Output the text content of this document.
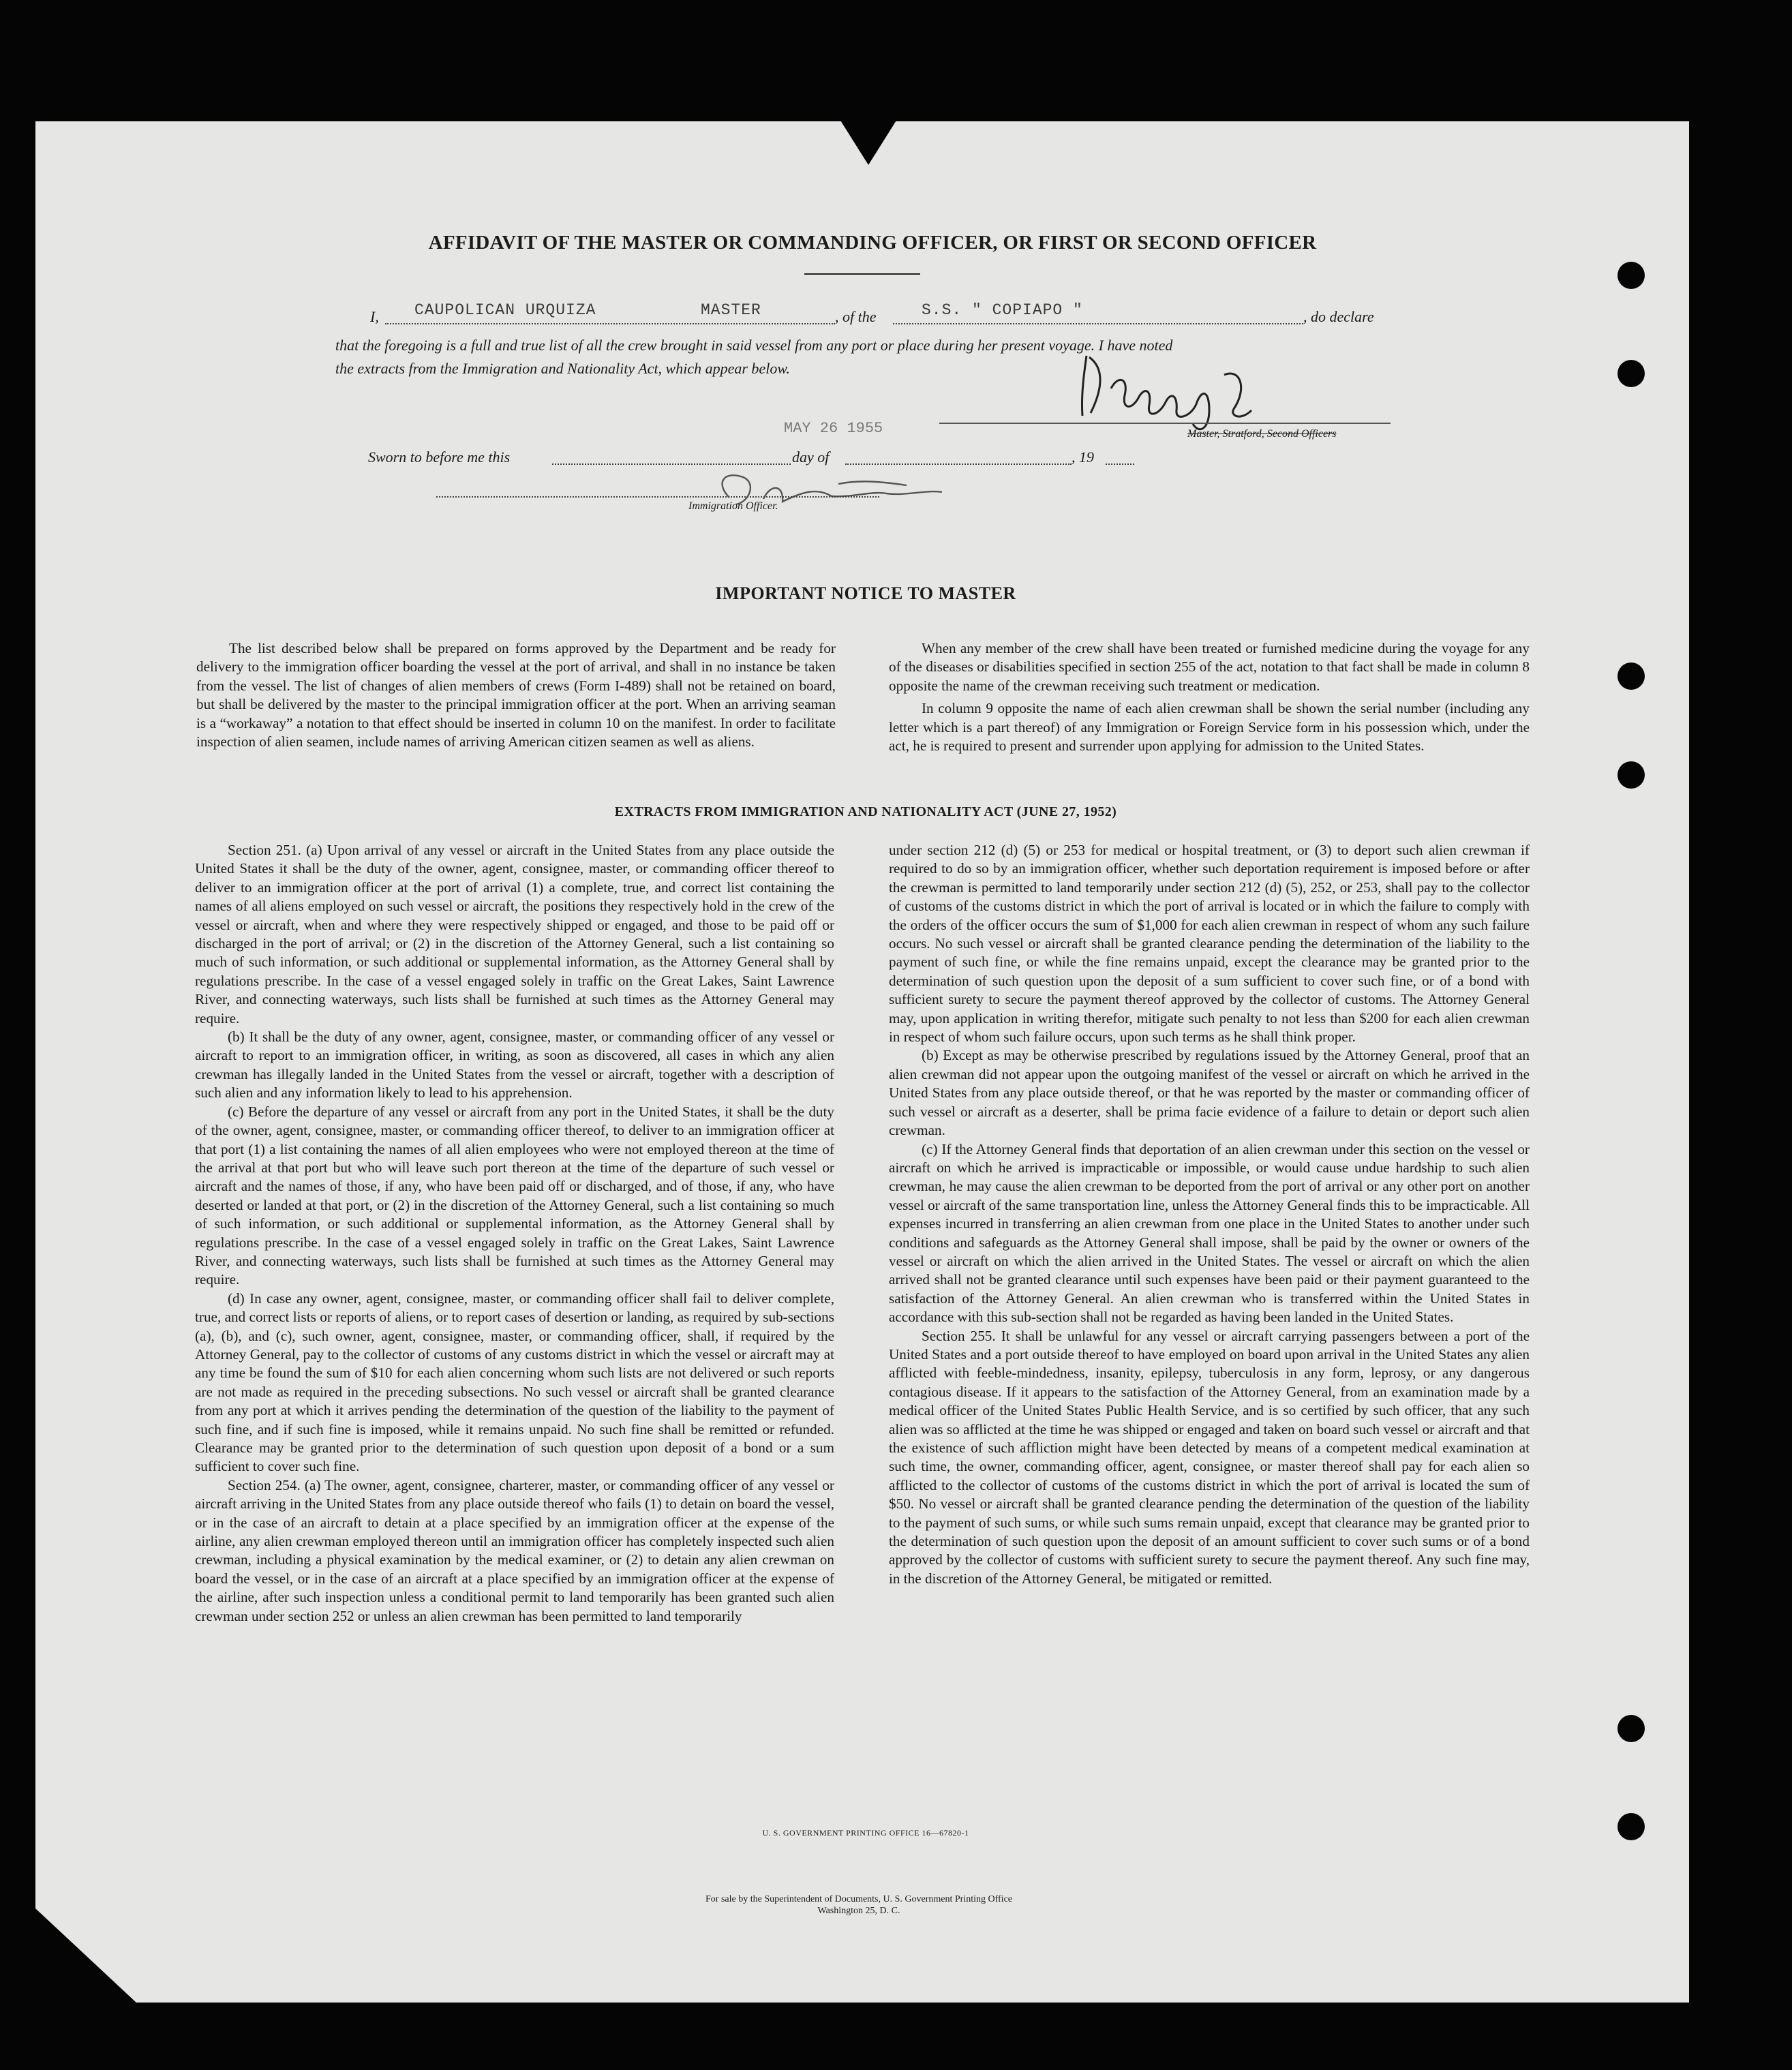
AFFIDAVIT OF THE MASTER OR COMMANDING OFFICER, OR FIRST OR SECOND OFFICER
I, CAUPOLICAN URQUIZA	MASTER	, of the	S.S. " COPIAPO "	, do declare
that the foregoing is a full and true list of all the crew brought in said vessel from any port or place during her present voyage. I have noted
the extracts from the Immigration and Nationality Act, which appear below.
Master, Stratford, Second Officers
Sworn to before me this
MAY 26 1955
day of	, 19
Immigration Officer.
IMPORTANT NOTICE TO MASTER

The list described below shall be prepared on forms approved by the Department and be ready for delivery to the immigration officer boarding the vessel at the port of arrival, and shall in no instance be taken from the vessel. The list of changes of alien members of crews (Form I-489) shall not be retained on board, but shall be delivered by the master to the principal immigration officer at the port. When an arriving seaman is a “workaway” a notation to that effect should be inserted in column 10 on the manifest. In order to facilitate inspection of alien seamen, include names of arriving American citizen seamen as well as aliens.

When any member of the crew shall have been treated or furnished medicine during the voyage for any of the diseases or disabilities specified in section 255 of the act, notation to that fact shall be made in column 8 opposite the name of the crewman receiving such treatment or medication.

In column 9 opposite the name of each alien crewman shall be shown the serial number (including any letter which is a part thereof) of any Immigration or Foreign Service form in his possession which, under the act, he is required to present and surrender upon applying for admission to the United States.

EXTRACTS FROM IMMIGRATION AND NATIONALITY ACT (JUNE 27, 1952)

Section 251. (a) Upon arrival of any vessel or aircraft in the United States from any place outside the United States it shall be the duty of the owner, agent, consignee, master, or commanding officer thereof to deliver to an immigration officer at the port of arrival (1) a complete, true, and correct list containing the names of all aliens employed on such vessel or aircraft, the positions they respectively hold in the crew of the vessel or aircraft, when and where they were respectively shipped or engaged, and those to be paid off or discharged in the port of arrival; or (2) in the discretion of the Attorney General, such a list containing so much of such information, or such additional or supplemental information, as the Attorney General shall by regulations prescribe. In the case of a vessel engaged solely in traffic on the Great Lakes, Saint Lawrence River, and connecting waterways, such lists shall be furnished at such times as the Attorney General may require.

(b) It shall be the duty of any owner, agent, consignee, master, or commanding officer of any vessel or aircraft to report to an immigration officer, in writing, as soon as discovered, all cases in which any alien crewman has illegally landed in the United States from the vessel or aircraft, together with a description of such alien and any information likely to lead to his apprehension.

(c) Before the departure of any vessel or aircraft from any port in the United States, it shall be the duty of the owner, agent, consignee, master, or commanding officer thereof, to deliver to an immigration officer at that port (1) a list containing the names of all alien employees who were not employed thereon at the time of the arrival at that port but who will leave such port thereon at the time of the departure of such vessel or aircraft and the names of those, if any, who have been paid off or discharged, and of those, if any, who have deserted or landed at that port, or (2) in the discretion of the Attorney General, such a list containing so much of such information, or such additional or supplemental information, as the Attorney General shall by regulations prescribe. In the case of a vessel engaged solely in traffic on the Great Lakes, Saint Lawrence River, and connecting waterways, such lists shall be furnished at such times as the Attorney General may require.

(d) In case any owner, agent, consignee, master, or commanding officer shall fail to deliver complete, true, and correct lists or reports of aliens, or to report cases of desertion or landing, as required by sub-sections (a), (b), and (c), such owner, agent, consignee, master, or commanding officer, shall, if required by the Attorney General, pay to the collector of customs of any customs district in which the vessel or aircraft may at any time be found the sum of $10 for each alien concerning whom such lists are not delivered or such reports are not made as required in the preceding subsections. No such vessel or aircraft shall be granted clearance from any port at which it arrives pending the determination of the question of the liability to the payment of such fine, and if such fine is imposed, while it remains unpaid. No such fine shall be remitted or refunded. Clearance may be granted prior to the determination of such question upon deposit of a bond or a sum sufficient to cover such fine.

Section 254. (a) The owner, agent, consignee, charterer, master, or commanding officer of any vessel or aircraft arriving in the United States from any place outside thereof who fails (1) to detain on board the vessel, or in the case of an aircraft to detain at a place specified by an immigration officer at the expense of the airline, any alien crewman employed thereon until an immigration officer has completely inspected such alien crewman, including a physical examination by the medical examiner, or (2) to detain any alien crewman on board the vessel, or in the case of an aircraft at a place specified by an immigration officer at the expense of the airline, after such inspection unless a conditional permit to land temporarily has been granted such alien crewman under section 252 or unless an alien crewman has been permitted to land temporarily

under section 212 (d) (5) or 253 for medical or hospital treatment, or (3) to deport such alien crewman if required to do so by an immigration officer, whether such deportation requirement is imposed before or after the crewman is permitted to land temporarily under section 212 (d) (5), 252, or 253, shall pay to the collector of customs of the customs district in which the port of arrival is located or in which the failure to comply with the orders of the officer occurs the sum of $1,000 for each alien crewman in respect of whom any such failure occurs. No such vessel or aircraft shall be granted clearance pending the determination of the liability to the payment of such fine, or while the fine remains unpaid, except the clearance may be granted prior to the determination of such question upon the deposit of a sum sufficient to cover such fine, or of a bond with sufficient surety to secure the payment thereof approved by the collector of customs. The Attorney General may, upon application in writing therefor, mitigate such penalty to not less than $200 for each alien crewman in respect of whom such failure occurs, upon such terms as he shall think proper.

(b) Except as may be otherwise prescribed by regulations issued by the Attorney General, proof that an alien crewman did not appear upon the outgoing manifest of the vessel or aircraft on which he arrived in the United States from any place outside thereof, or that he was reported by the master or commanding officer of such vessel or aircraft as a deserter, shall be prima facie evidence of a failure to detain or deport such alien crewman.

(c) If the Attorney General finds that deportation of an alien crewman under this section on the vessel or aircraft on which he arrived is impracticable or impossible, or would cause undue hardship to such alien crewman, he may cause the alien crewman to be deported from the port of arrival or any other port on another vessel or aircraft of the same transportation line, unless the Attorney General finds this to be impracticable. All expenses incurred in transferring an alien crewman from one place in the United States to another under such conditions and safeguards as the Attorney General shall impose, shall be paid by the owner or owners of the vessel or aircraft on which the alien arrived in the United States. The vessel or aircraft on which the alien arrived shall not be granted clearance until such expenses have been paid or their payment guaranteed to the satisfaction of the Attorney General. An alien crewman who is transferred within the United States in accordance with this sub-section shall not be regarded as having been landed in the United States.

Section 255. It shall be unlawful for any vessel or aircraft carrying passengers between a port of the United States and a port outside thereof to have employed on board upon arrival in the United States any alien afflicted with feeble-mindedness, insanity, epilepsy, tuberculosis in any form, leprosy, or any dangerous contagious disease. If it appears to the satisfaction of the Attorney General, from an examination made by a medical officer of the United States Public Health Service, and is so certified by such officer, that any such alien was so afflicted at the time he was shipped or engaged and taken on board such vessel or aircraft and that the existence of such affliction might have been detected by means of a competent medical examination at such time, the owner, commanding officer, agent, consignee, or master thereof shall pay for each alien so afflicted to the collector of customs of the customs district in which the port of arrival is located the sum of $50. No vessel or aircraft shall be granted clearance pending the determination of the question of the liability to the payment of such sums, or while such sums remain unpaid, except that clearance may be granted prior to the determination of such question upon the deposit of an amount sufficient to cover such sums or of a bond approved by the collector of customs with sufficient surety to secure the payment thereof. Any such fine may, in the discretion of the Attorney General, be mitigated or remitted.

U. S. GOVERNMENT PRINTING OFFICE 16—67820-1
For sale by the Superintendent of Documents, U. S. Government Printing Office
Washington 25, D. C.
